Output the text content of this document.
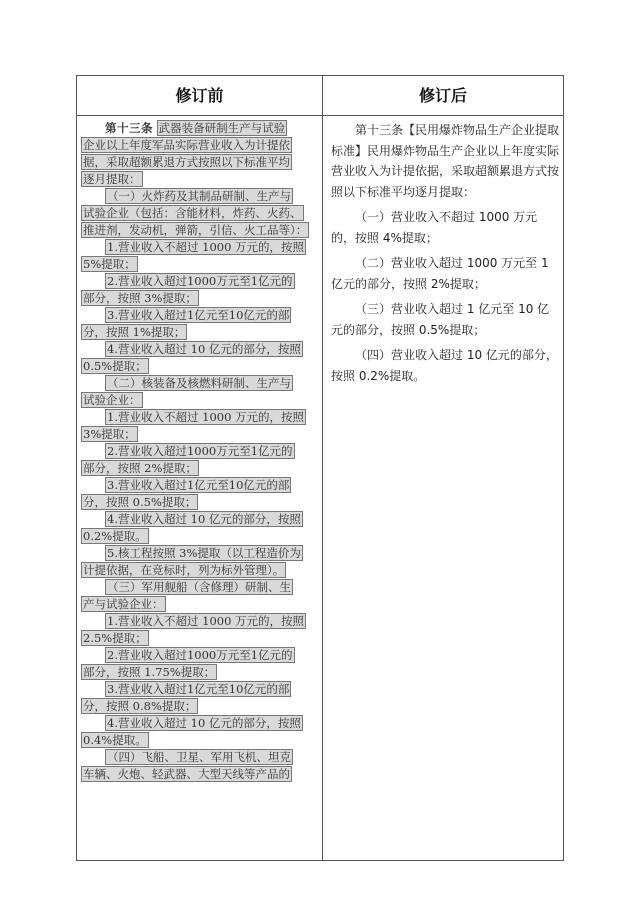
修订前	修订后
第十三条 武器装备研制生产与试验
企业以上年度军品实际营业收入为计提依
据，采取超额累退方式按照以下标准平均
逐月提取：
（一）火炸药及其制品研制、生产与
试验企业（包括：含能材料，炸药、火药、
推进剂，发动机，弹箭，引信、火工品等）：
1.营业收入不超过 1000 万元的，按照
5%提取；
2.营业收入超过1000万元至1亿元的
部分，按照 3%提取；
3.营业收入超过1亿元至10亿元的部
分，按照 1%提取；
4.营业收入超过 10 亿元的部分，按照
0.5%提取；
（二）核装备及核燃料研制、生产与
试验企业：
1.营业收入不超过 1000 万元的，按照
3%提取；
2.营业收入超过1000万元至1亿元的
部分，按照 2%提取；
3.营业收入超过1亿元至10亿元的部
分，按照 0.5%提取；
4.营业收入超过 10 亿元的部分，按照
0.2%提取。
5.核工程按照 3%提取（以工程造价为
计提依据，在竞标时，列为标外管理）。
（三）军用舰船（含修理）研制、生
产与试验企业：
1.营业收入不超过 1000 万元的，按照
2.5%提取；
2.营业收入超过1000万元至1亿元的
部分，按照 1.75%提取；
3.营业收入超过1亿元至10亿元的部
分，按照 0.8%提取；
4.营业收入超过 10 亿元的部分，按照
0.4%提取。
（四）飞船、卫星、军用飞机、坦克
车辆、火炮、轻武器、大型天线等产品的

第十三条【民用爆炸物品生产企业提取标准】民用爆炸物品生产企业以上年度实际营业收入为计提依据，采取超额累退方式按照以下标准平均逐月提取：

（一）营业收入不超过 1000 万元的，按照 4%提取；

（二）营业收入超过 1000 万元至 1 亿元的部分，按照 2%提取；

（三）营业收入超过 1 亿元至 10 亿元的部分，按照 0.5%提取；

（四）营业收入超过 10 亿元的部分，按照 0.2%提取。
